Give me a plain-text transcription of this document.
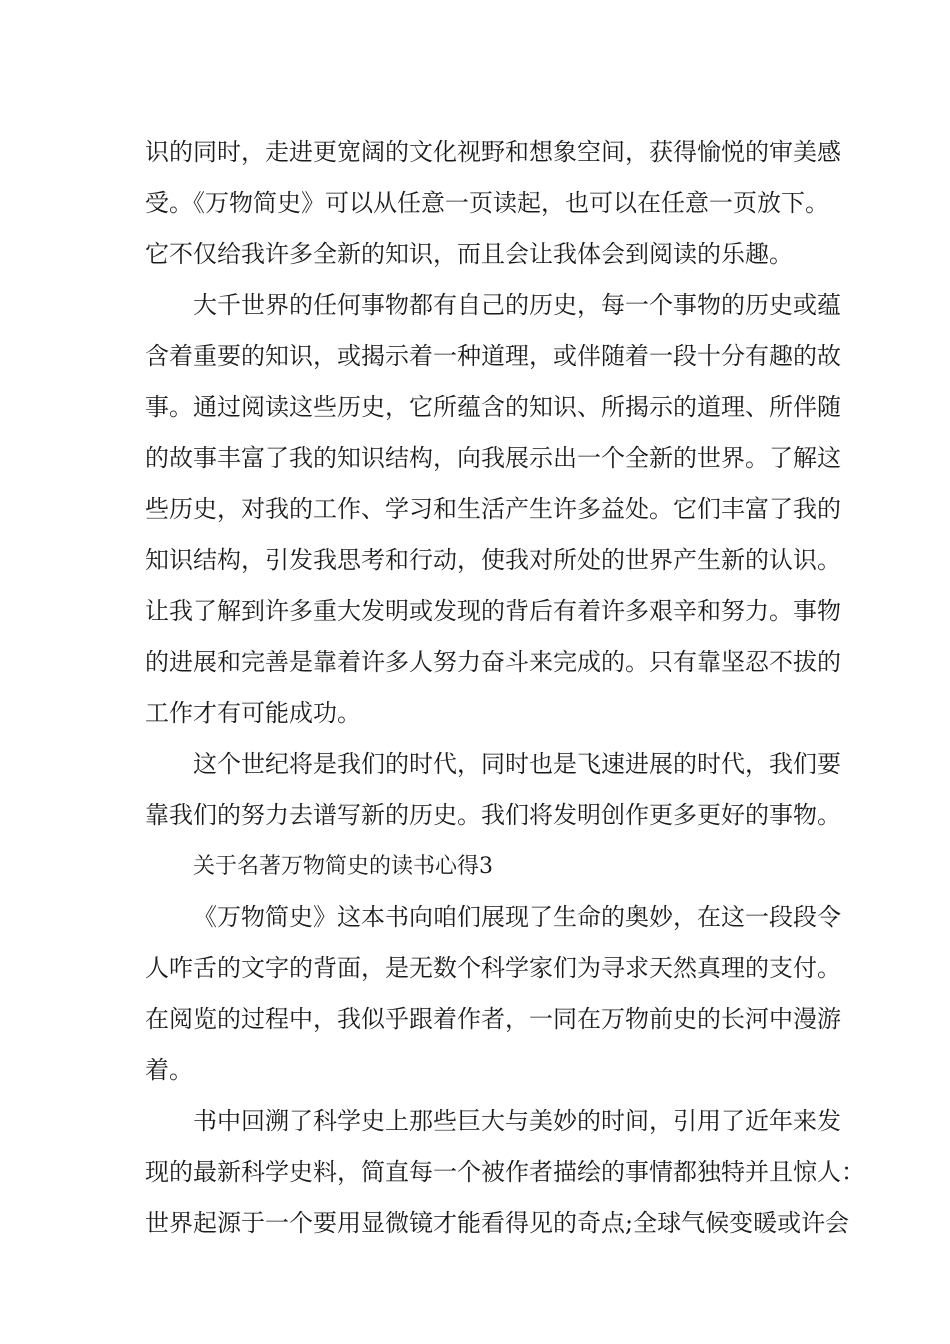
识的同时，走进更宽阔的文化视野和想象空间，获得愉悦的审美感
受。《万物简史》可以从任意一页读起，也可以在任意一页放下。
它不仅给我许多全新的知识，而且会让我体会到阅读的乐趣。
大千世界的任何事物都有自己的历史，每一个事物的历史或蕴
含着重要的知识，或揭示着一种道理，或伴随着一段十分有趣的故
事。通过阅读这些历史，它所蕴含的知识、所揭示的道理、所伴随
的故事丰富了我的知识结构，向我展示出一个全新的世界。了解这
些历史，对我的工作、学习和生活产生许多益处。它们丰富了我的
知识结构，引发我思考和行动，使我对所处的世界产生新的认识。
让我了解到许多重大发明或发现的背后有着许多艰辛和努力。事物
的进展和完善是靠着许多人努力奋斗来完成的。只有靠坚忍不拔的
工作才有可能成功。
这个世纪将是我们的时代，同时也是飞速进展的时代，我们要
靠我们的努力去谱写新的历史。我们将发明创作更多更好的事物。
关于名著万物简史的读书心得3
《万物简史》这本书向咱们展现了生命的奥妙，在这一段段令
人咋舌的文字的背面，是无数个科学家们为寻求天然真理的支付。
在阅览的过程中，我似乎跟着作者，一同在万物前史的长河中漫游
着。
书中回溯了科学史上那些巨大与美妙的时间，引用了近年来发
现的最新科学史料，简直每一个被作者描绘的事情都独特并且惊人：
世界起源于一个要用显微镜才能看得见的奇点;全球气候变暖或许会
